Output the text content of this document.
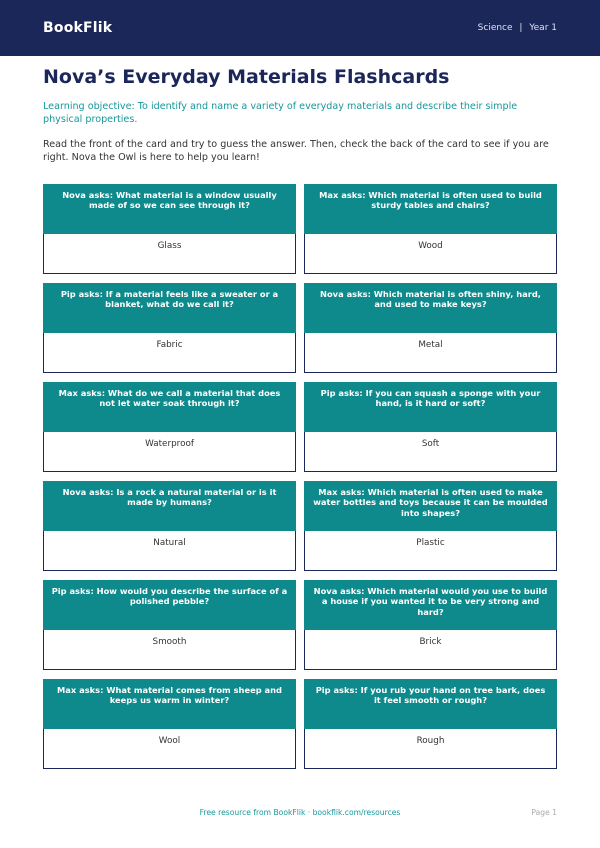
BookFlik	Science | Year 1
Nova’s Everyday Materials Flashcards

Learning objective: To identify and name a variety of everyday materials and describe their simple physical properties.

Read the front of the card and try to guess the answer. Then, check the back of the card to see if you are right. Nova the Owl is here to help you learn!

Nova asks: What material is a window usually made of so we can see through it?
Glass
Max asks: Which material is often used to build sturdy tables and chairs?
Wood
Pip asks: If a material feels like a sweater or a blanket, what do we call it?
Fabric
Nova asks: Which material is often shiny, hard, and used to make keys?
Metal
Max asks: What do we call a material that does not let water soak through it?
Waterproof
Pip asks: If you can squash a sponge with your hand, is it hard or soft?
Soft
Nova asks: Is a rock a natural material or is it made by humans?
Natural
Max asks: Which material is often used to make water bottles and toys because it can be moulded into shapes?
Plastic
Pip asks: How would you describe the surface of a polished pebble?
Smooth
Nova asks: Which material would you use to build a house if you wanted it to be very strong and hard?
Brick
Max asks: What material comes from sheep and keeps us warm in winter?
Wool
Pip asks: If you rub your hand on tree bark, does it feel smooth or rough?
Rough
Free resource from BookFlik · bookflik.com/resources	Page 1
